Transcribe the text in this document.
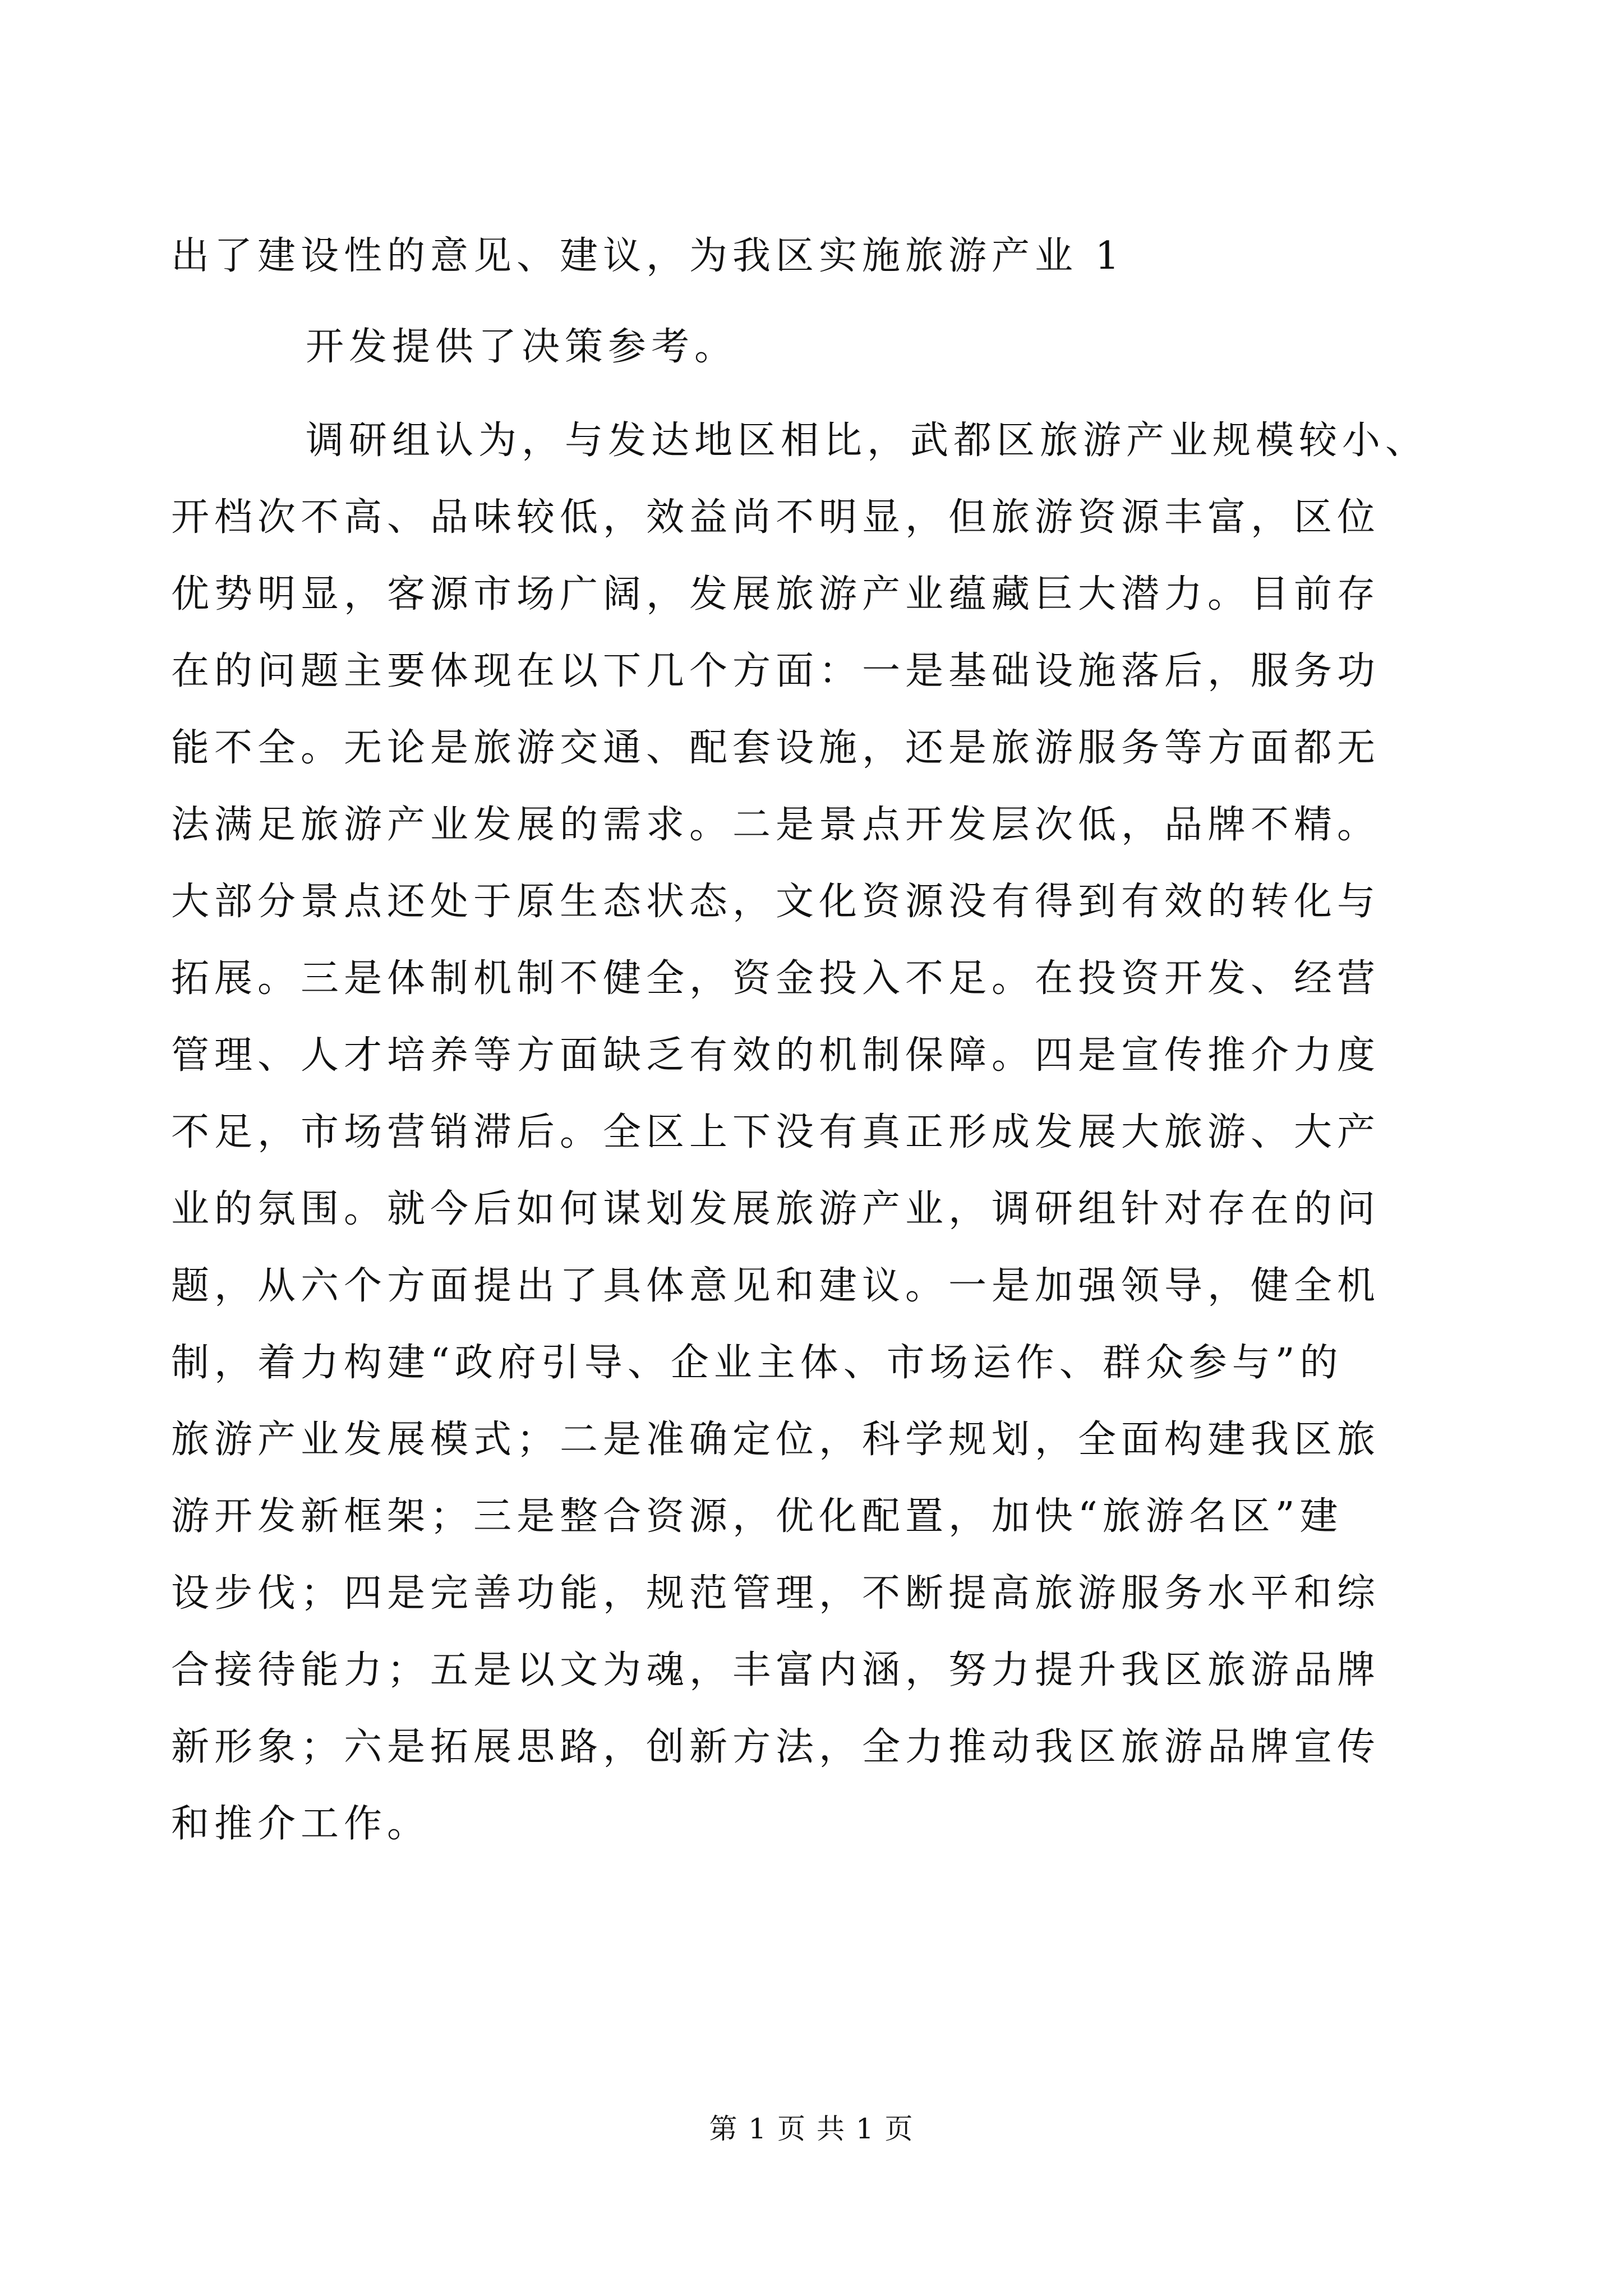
出了建设性的意见、建议，为我区实施旅游产业 1

开发提供了决策参考。

调研组认为，与发达地区相比，武都区旅游产业规模较小、

开档次不高、品味较低，效益尚不明显，但旅游资源丰富，区位

优势明显，客源市场广阔，发展旅游产业蕴藏巨大潜力。目前存

在的问题主要体现在以下几个方面：一是基础设施落后，服务功

能不全。无论是旅游交通、配套设施，还是旅游服务等方面都无

法满足旅游产业发展的需求。二是景点开发层次低，品牌不精。

大部分景点还处于原生态状态，文化资源没有得到有效的转化与

拓展。三是体制机制不健全，资金投入不足。在投资开发、经营

管理、人才培养等方面缺乏有效的机制保障。四是宣传推介力度

不足，市场营销滞后。全区上下没有真正形成发展大旅游、大产

业的氛围。就今后如何谋划发展旅游产业，调研组针对存在的问

题，从六个方面提出了具体意见和建议。一是加强领导，健全机

制，着力构建“政府引导、企业主体、市场运作、群众参与”的

旅游产业发展模式；二是准确定位，科学规划，全面构建我区旅

游开发新框架；三是整合资源，优化配置，加快“旅游名区”建

设步伐；四是完善功能，规范管理，不断提高旅游服务水平和综

合接待能力；五是以文为魂，丰富内涵，努力提升我区旅游品牌

新形象；六是拓展思路，创新方法，全力推动我区旅游品牌宣传

和推介工作。

第 1 页 共 1 页
